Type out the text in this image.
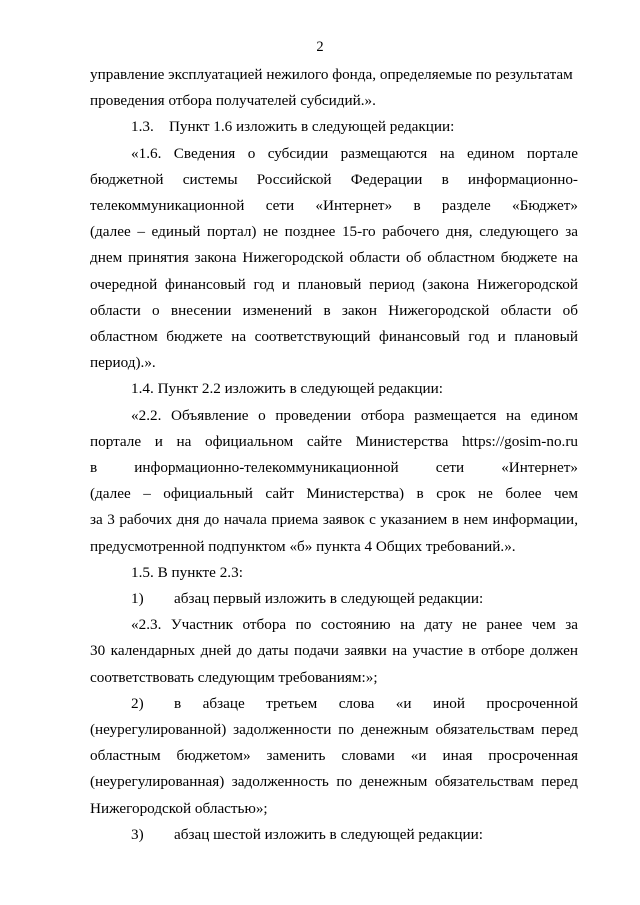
2
управление эксплуатацией нежилого фонда, определяемые по результатам
проведения отбора получателей субсидий.».
1.3.    Пункт 1.6 изложить в следующей редакции:
«1.6. Сведения о субсидии размещаются на едином портале
бюджетной системы Российской Федерации в информационно-
телекоммуникационной сети «Интернет» в разделе «Бюджет»
(далее – единый портал) не позднее 15-го рабочего дня, следующего за
днем принятия закона Нижегородской области об областном бюджете на
очередной финансовый год и плановый период (закона Нижегородской
области о внесении изменений в закон Нижегородской области об
областном бюджете на соответствующий финансовый год и плановый
период).».
1.4. Пункт 2.2 изложить в следующей редакции:
«2.2. Объявление о проведении отбора размещается на едином
портале и на официальном сайте Министерства https://gosim-no.ru
в информационно-телекоммуникационной сети «Интернет»
(далее – официальный сайт Министерства) в срок не более чем
за 3 рабочих дня до начала приема заявок с указанием в нем информации,
предусмотренной подпунктом «б» пункта 4 Общих требований.».
1.5. В пункте 2.3:
1)	абзац первый изложить в следующей редакции:
«2.3. Участник отбора по состоянию на дату не ранее чем за
30 календарных дней до даты подачи заявки на участие в отборе должен
соответствовать следующим требованиям:»;
2)	в абзаце третьем слова «и иной просроченной
(неурегулированной) задолженности по денежным обязательствам перед
областным бюджетом» заменить словами «и иная просроченная
(неурегулированная) задолженность по денежным обязательствам перед
Нижегородской областью»;
3)	абзац шестой изложить в следующей редакции:
